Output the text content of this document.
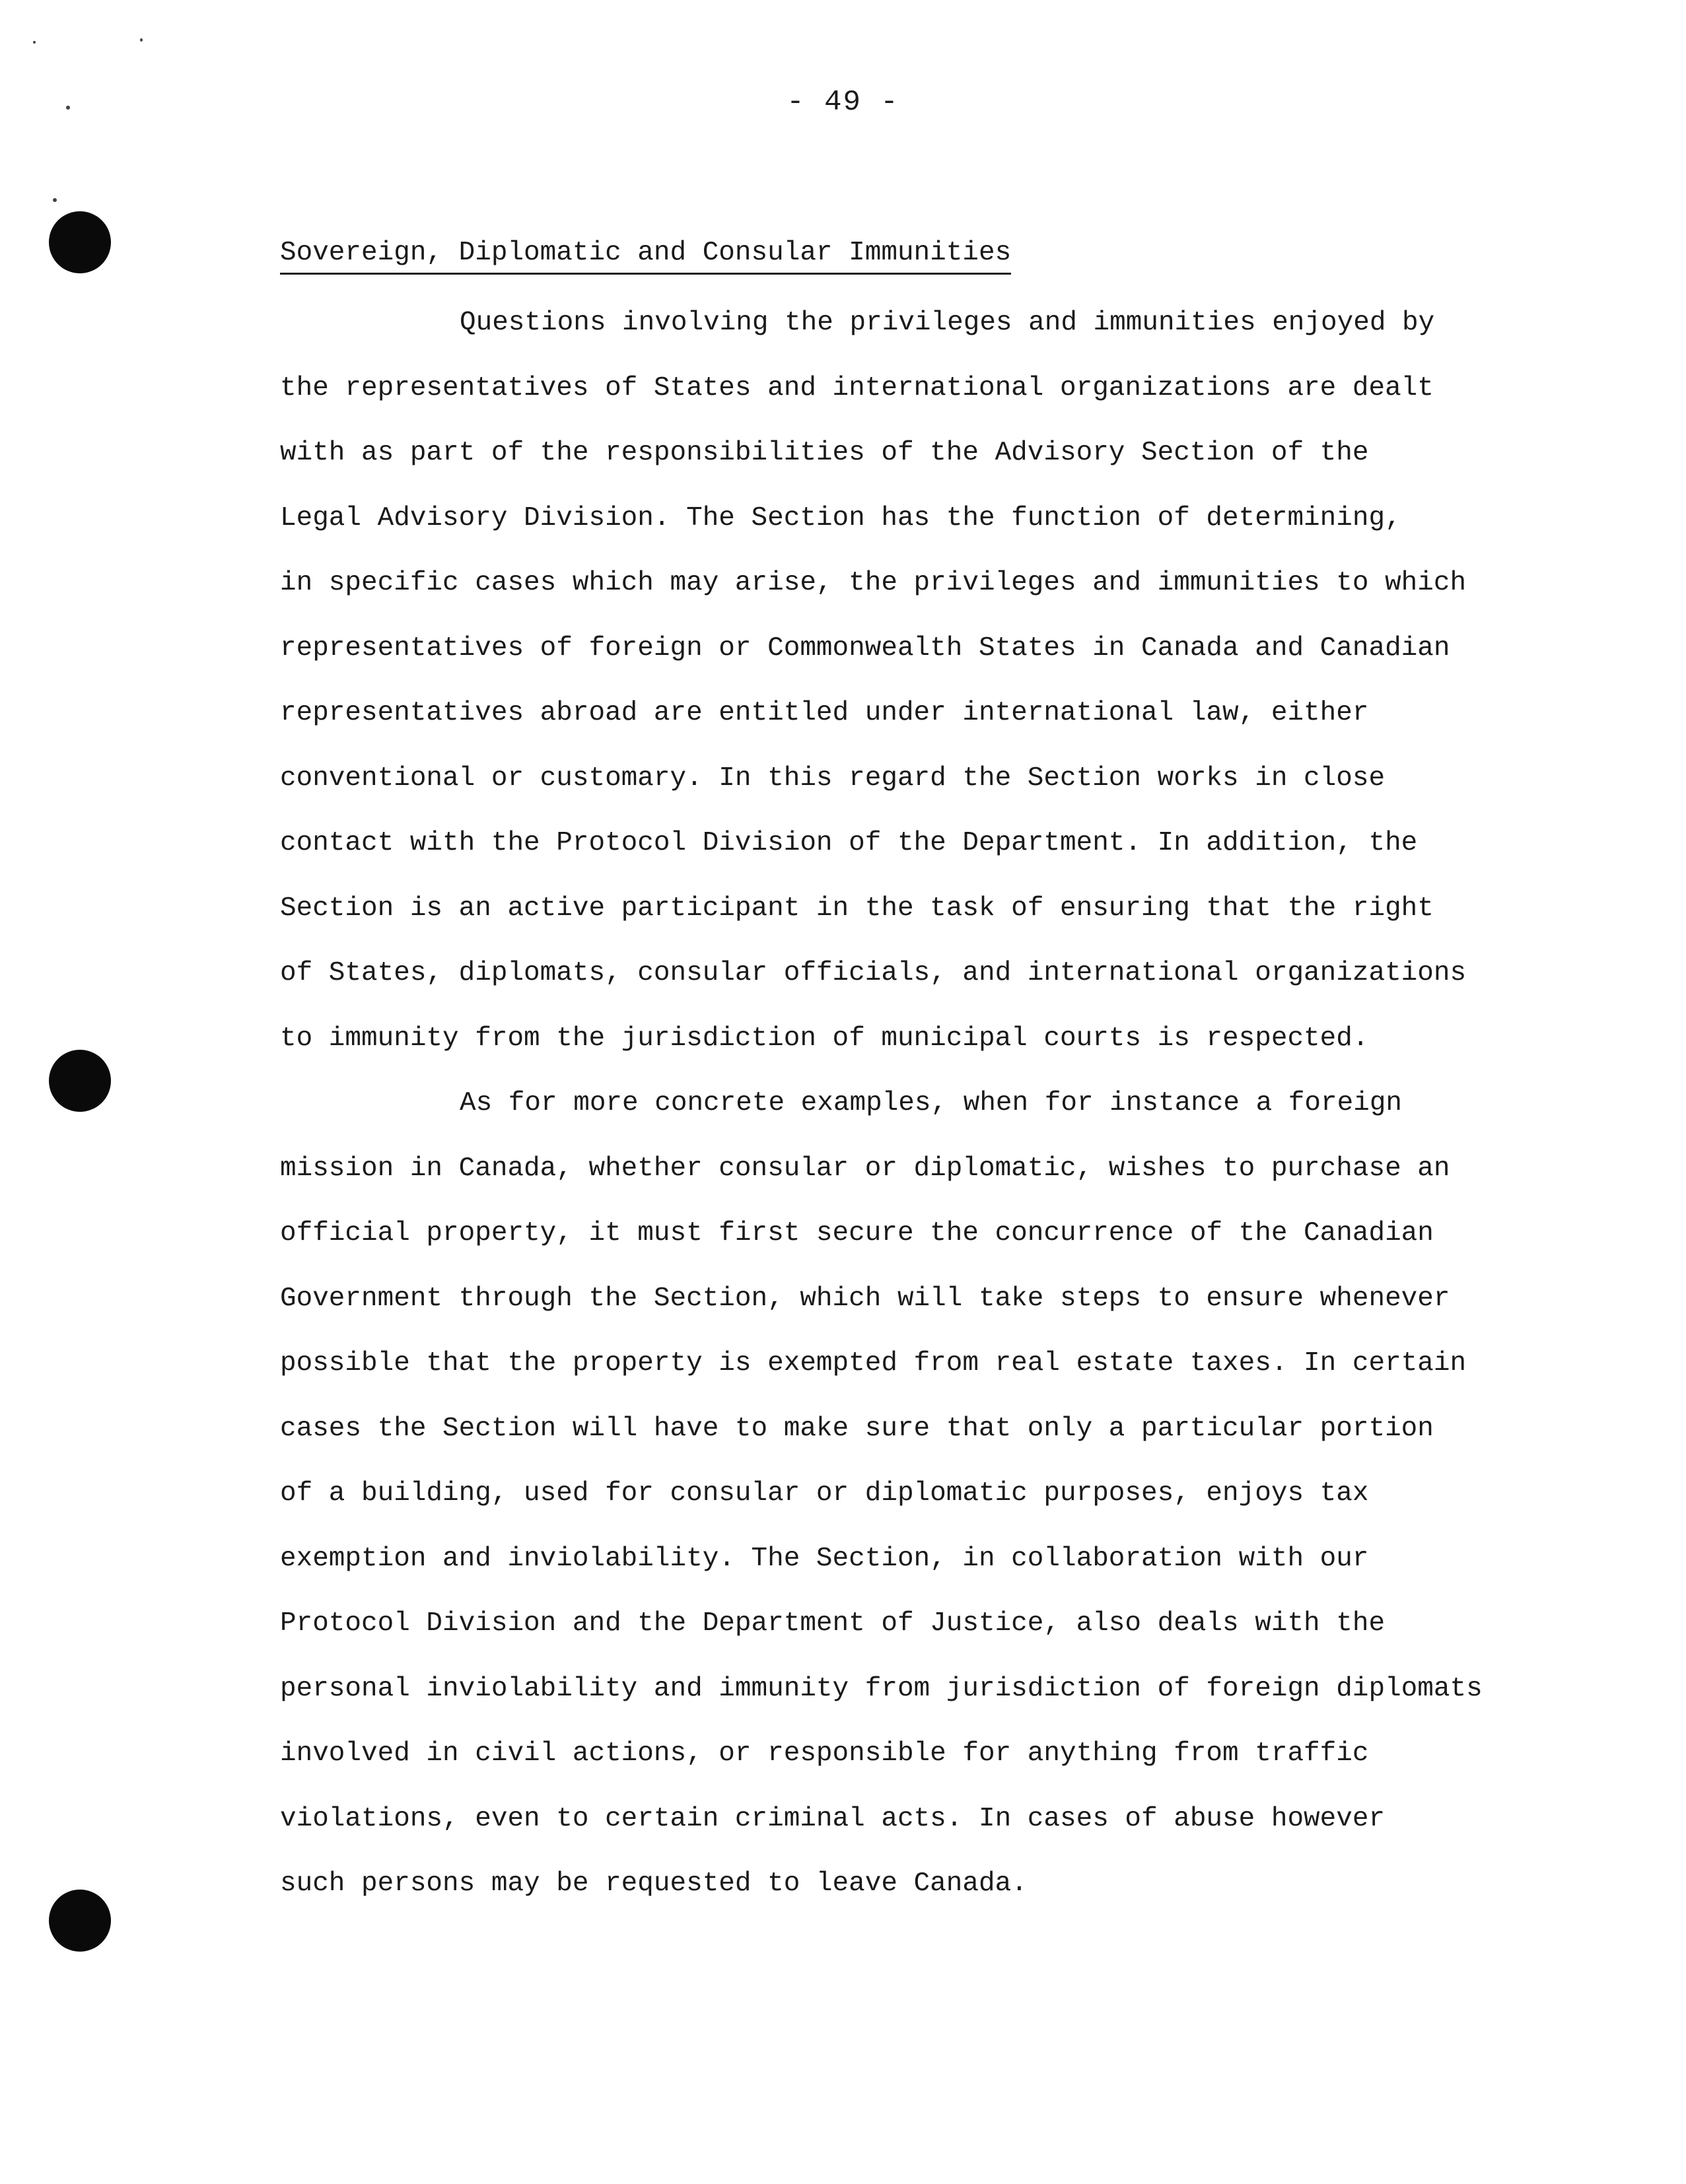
- 49 -
Sovereign, Diplomatic and Consular Immunities
Questions involving the privileges and immunities enjoyed by
the representatives of States and international organizations are dealt
with as part of the responsibilities of the Advisory Section of the
Legal Advisory Division. The Section has the function of determining,
in specific cases which may arise, the privileges and immunities to which
representatives of foreign or Commonwealth States in Canada and Canadian
representatives abroad are entitled under international law, either
conventional or customary. In this regard the Section works in close
contact with the Protocol Division of the Department. In addition, the
Section is an active participant in the task of ensuring that the right
of States, diplomats, consular officials, and international organizations
to immunity from the jurisdiction of municipal courts is respected.
As for more concrete examples, when for instance a foreign
mission in Canada, whether consular or diplomatic, wishes to purchase an
official property, it must first secure the concurrence of the Canadian
Government through the Section, which will take steps to ensure whenever
possible that the property is exempted from real estate taxes. In certain
cases the Section will have to make sure that only a particular portion
of a building, used for consular or diplomatic purposes, enjoys tax
exemption and inviolability. The Section, in collaboration with our
Protocol Division and the Department of Justice, also deals with the
personal inviolability and immunity from jurisdiction of foreign diplomats
involved in civil actions, or responsible for anything from traffic
violations, even to certain criminal acts. In cases of abuse however
such persons may be requested to leave Canada.
